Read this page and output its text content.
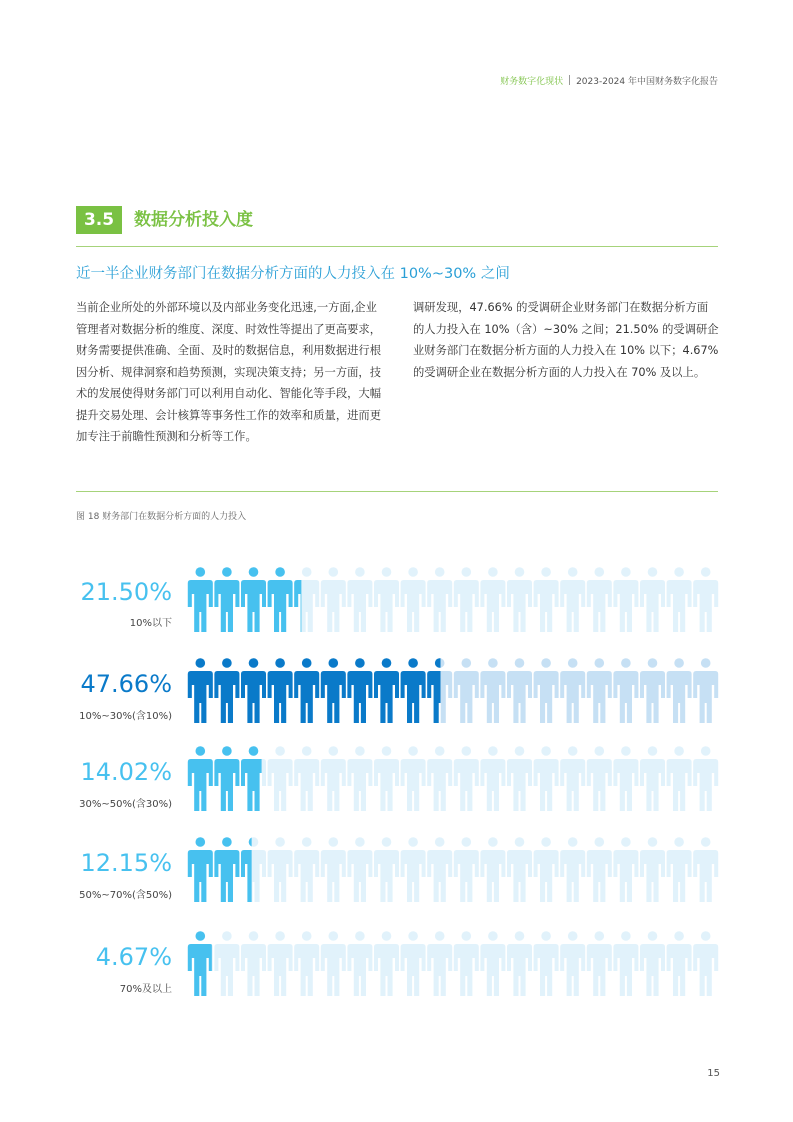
财务数字化现状 2023-2024 年中国财务数字化报告
3.5	数据分析投入度
近一半企业财务部门在数据分析方面的人力投入在 10%~30% 之间
当前企业所处的外部环境以及内部业务变化迅速,一方面,企业管理者对数据分析的维度、深度、时效性等提出了更高要求，财务需要提供准确、全面、及时的数据信息，利用数据进行根因分析、规律洞察和趋势预测，实现决策支持；另一方面，技术的发展使得财务部门可以利用自动化、智能化等手段，大幅提升交易处理、会计核算等事务性工作的效率和质量，进而更加专注于前瞻性预测和分析等工作。
调研发现，47.66% 的受调研企业财务部门在数据分析方面的人力投入在 10%（含）~30% 之间；21.50% 的受调研企业财务部门在数据分析方面的人力投入在 10% 以下；4.67% 的受调研企业在数据分析方面的人力投入在 70% 及以上。
图 18 财务部门在数据分析方面的人力投入
21.50%
10%以下
47.66%
10%~30%(含10%)
14.02%
30%~50%(含30%)
12.15%
50%~70%(含50%)
4.67%
70%及以上
15
